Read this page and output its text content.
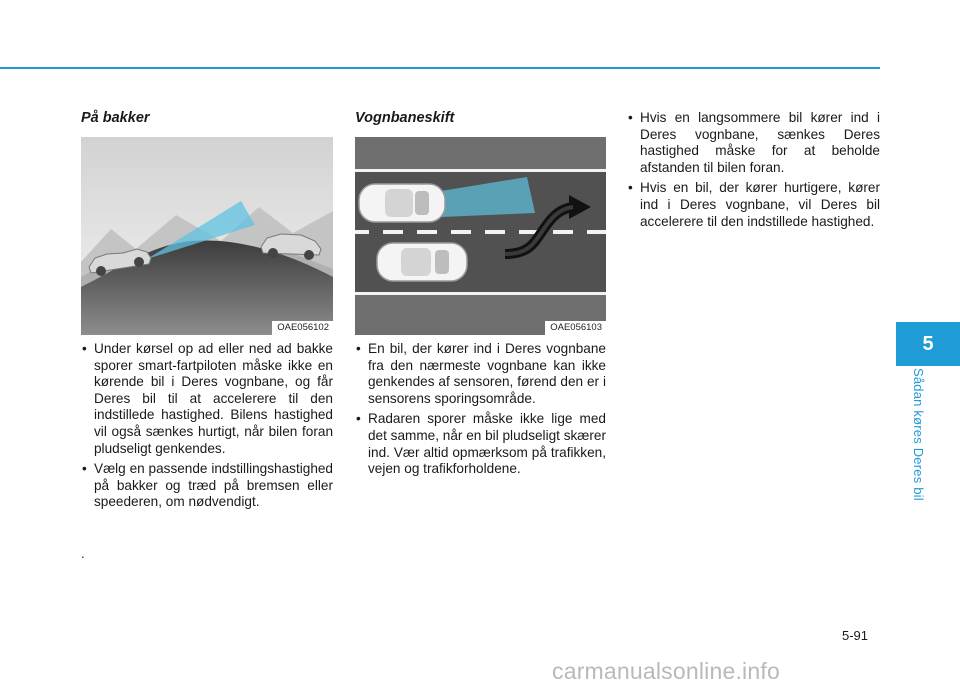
På bakker
OAE056102
• Under kørsel op ad eller ned ad bakke sporer smart-fartpiloten måske ikke en kørende bil i Deres vognbane, og får Deres bil til at accelerere til den indstillede hastighed. Bilens hastighed vil også sænkes hurtigt, når bilen foran pludseligt genkendes.
• Vælg en passende indstillingshastighed på bakker og træd på bremsen eller speederen, om nødvendigt.
.
Vognbaneskift
OAE056103
• En bil, der kører ind i Deres vognbane fra den nærmeste vognbane kan ikke genkendes af sensoren, førend den er i sensorens sporingsområde.
• Radaren sporer måske ikke lige med det samme, når en bil pludseligt skærer ind. Vær altid opmærksom på trafikken, vejen og trafikforholdene.
• Hvis en langsommere bil kører ind i Deres vognbane, sænkes Deres hastighed måske for at beholde afstanden til bilen foran.
• Hvis en bil, der kører hurtigere, kører ind i Deres vognbane, vil Deres bil accelerere til den indstillede hastighed.
5
Sådan køres Deres bil
5-91
carmanualsonline.info
